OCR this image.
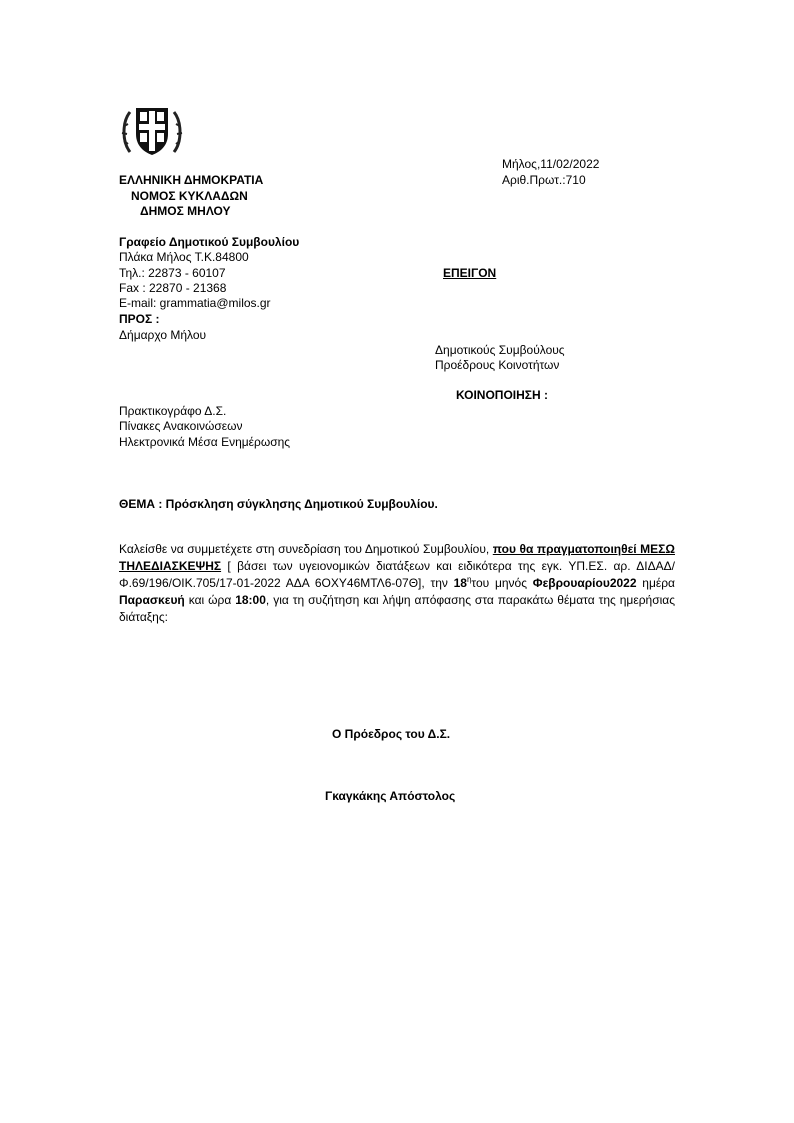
ΕΛΛΗΝΙΚΗ ΔΗΜΟΚΡΑΤΙΑ
ΝΟΜΟΣ ΚΥΚΛΑΔΩΝ
ΔΗΜΟΣ ΜΗΛΟΥ
Μήλος,11/02/2022
Αριθ.Πρωτ.:710
Γραφείο Δημοτικού Συμβουλίου
Πλάκα Μήλος Τ.Κ.84800
Τηλ.: 22873 - 60107
Fax : 22870 - 21368
E-mail: grammatia@milos.gr
ΕΠΕΙΓΟΝ
ΠΡΟΣ :
Δήμαρχο Μήλου
Δημοτικούς Συμβούλους
Προέδρους Κοινοτήτων
ΚΟΙΝΟΠΟΙΗΣΗ :
Πρακτικογράφο Δ.Σ.
Πίνακες Ανακοινώσεων
Ηλεκτρονικά Μέσα Ενημέρωσης
ΘΕΜΑ : Πρόσκληση σύγκλησης Δημοτικού Συμβουλίου.
Καλείσθε να συμμετέχετε στη συνεδρίαση του Δημοτικού Συμβουλίου, που θα πραγματοποιηθεί ΜΕΣΩ ΤΗΛΕΔΙΑΣΚΕΨΗΣ [ βάσει των υγειονομικών διατάξεων και ειδικότερα της εγκ. ΥΠ.ΕΣ. αρ. ΔΙΔΑΔ/Φ.69/196/ΟΙΚ.705/17-01-2022 ΑΔΑ 6ΟΧΥ46ΜΤΛ6-07Θ], την $18^\eta\tau o\upsilon$ μηνός Φεβρουαρίου2022 ημέρα Παρασκευή και ώρα 18:00, για τη συζήτηση και λήψη απόφασης στα παρακάτω θέματα της ημερήσιας διάταξης:
Ο Πρόεδρος του Δ.Σ.
Γκαγκάκης Απόστολος
